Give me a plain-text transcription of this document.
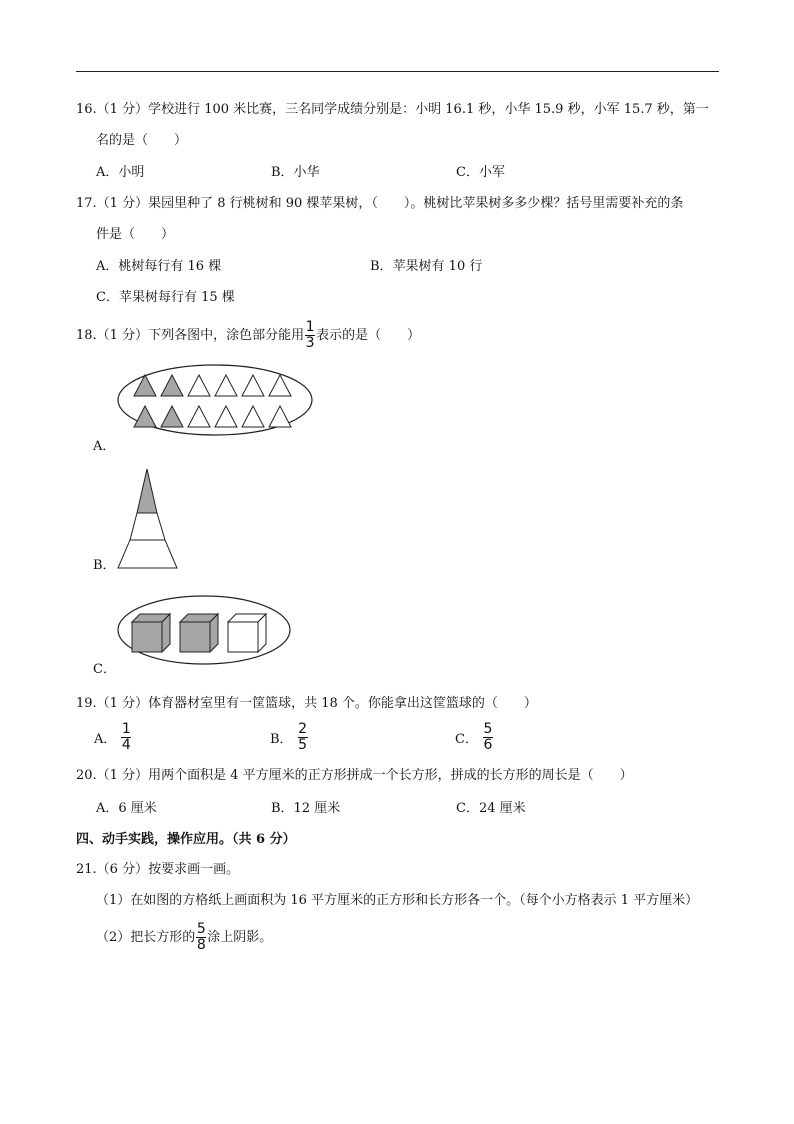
16.（1 分）学校进行 100 米比赛，三名同学成绩分别是：小明 16.1 秒，小华 15.9 秒，小军 15.7 秒，第一
名的是（　　）
A．小明	B．小华	C．小军
17.（1 分）果园里种了 8 行桃树和 90 棵苹果树，（　　）。桃树比苹果树多多少棵？括号里需要补充的条
件是（　　）
A．桃树每行有 16 棵	B．苹果树有 10 行
C．苹果树每行有 15 棵
18.（1 分）下列各图中，涂色部分能用 $\frac{1}{3}$ 表示的是（　　）
A．
B．
C．
19.（1 分）体育器材室里有一筐篮球，共 18 个。你能拿出这筐篮球的（　　）
A． $\frac{1}{4}$	B． $\frac{2}{5}$	C． $\frac{5}{6}$
20.（1 分）用两个面积是 4 平方厘米的正方形拼成一个长方形，拼成的长方形的周长是（　　）
A．6 厘米	B．12 厘米	C．24 厘米
四、动手实践，操作应用。（共 6 分）
21.（6 分）按要求画一画。
（1）在如图的方格纸上画面积为 16 平方厘米的正方形和长方形各一个。（每个小方格表示 1 平方厘米）
（2）把长方形的 $\frac{5}{8}$ 涂上阴影。
